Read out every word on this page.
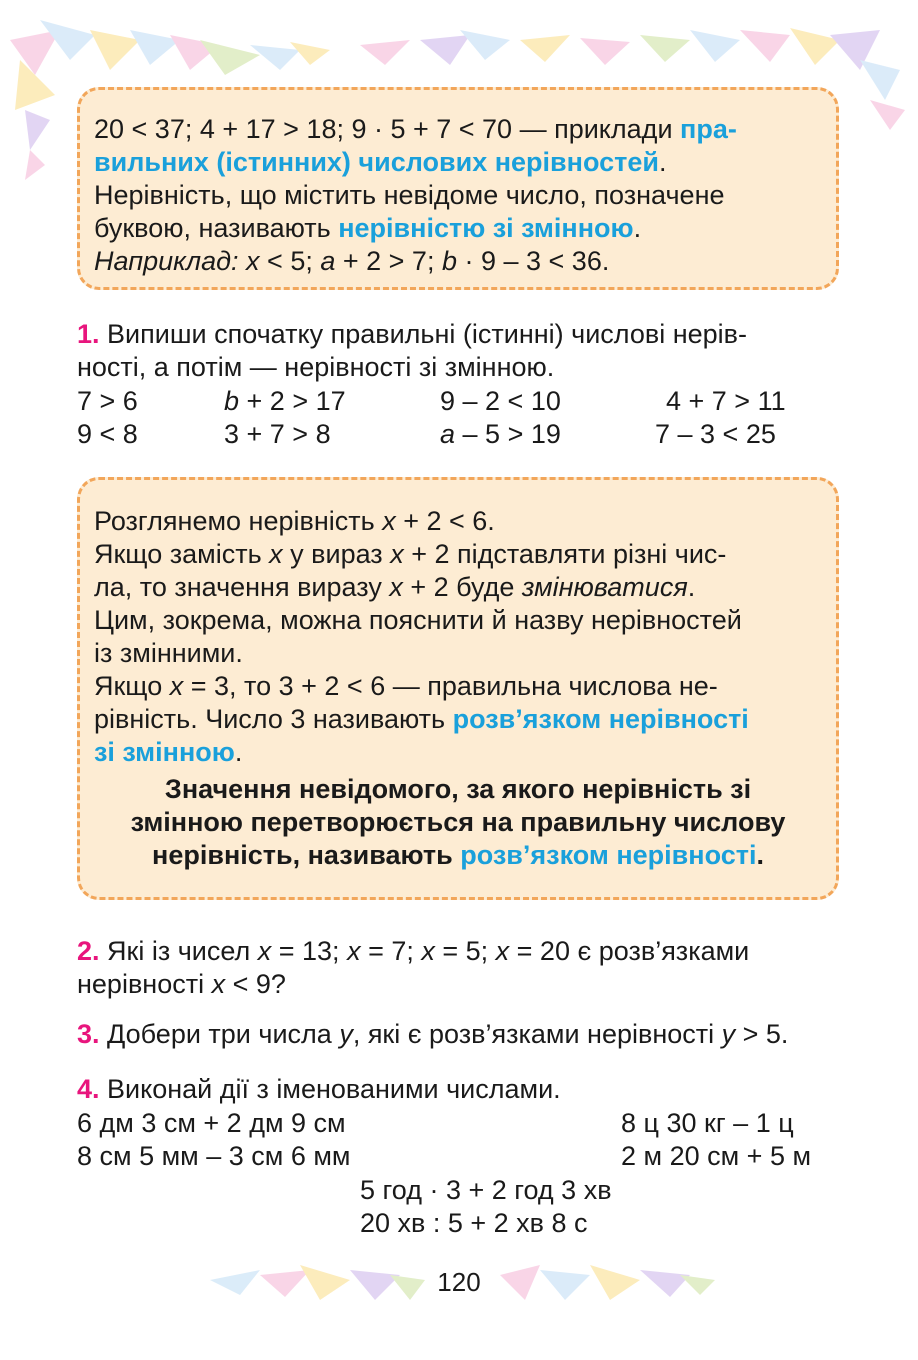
20 < 37; 4 + 17 > 18; 9 · 5 + 7 < 70 — приклади пра-

вильних (істинних) числових нерівностей.

Нерівність, що містить невідоме число, позначене

буквою, називають нерівністю зі змінною.

Наприклад: x < 5; a + 2 > 7; b · 9 – 3 < 36.

1. Випиши спочатку правильні (істинні) числові нерів-
ності, а потім — нерівності зі змінною.
7 > 6	b + 2 > 17	9 – 2 < 10	4 + 7 > 11
9 < 8	3 + 7 > 8	a – 5 > 19	7 – 3 < 25

Розглянемо нерівність x + 2 < 6.

Якщо замість x у вираз x + 2 підставляти різні чис-

ла, то значення виразу x + 2 буде змінюватися.

Цим, зокрема, можна пояснити й назву нерівностей

із змінними.

Якщо x = 3, то 3 + 2 < 6 — правильна числова не-

рівність. Число 3 називають розв’язком нерівності

зі змінною.

Значення невідомого, за якого нерівність зі

змінною перетворюється на правильну числову

нерівність, називають розв’язком нерівності.

2. Які із чисел x = 13; x = 7; x = 5; x = 20 є розв’язками
нерівності x < 9?
3. Добери три числа y, які є розв’язками нерівності y > 5.
4. Виконай дії з іменованими числами.
6 дм 3 см + 2 дм 9 см	8 ц 30 кг – 1 ц
8 см 5 мм – 3 см 6 мм	2 м 20 см + 5 м
5 год · 3 + 2 год 3 хв
20 хв : 5 + 2 хв 8 с
120
